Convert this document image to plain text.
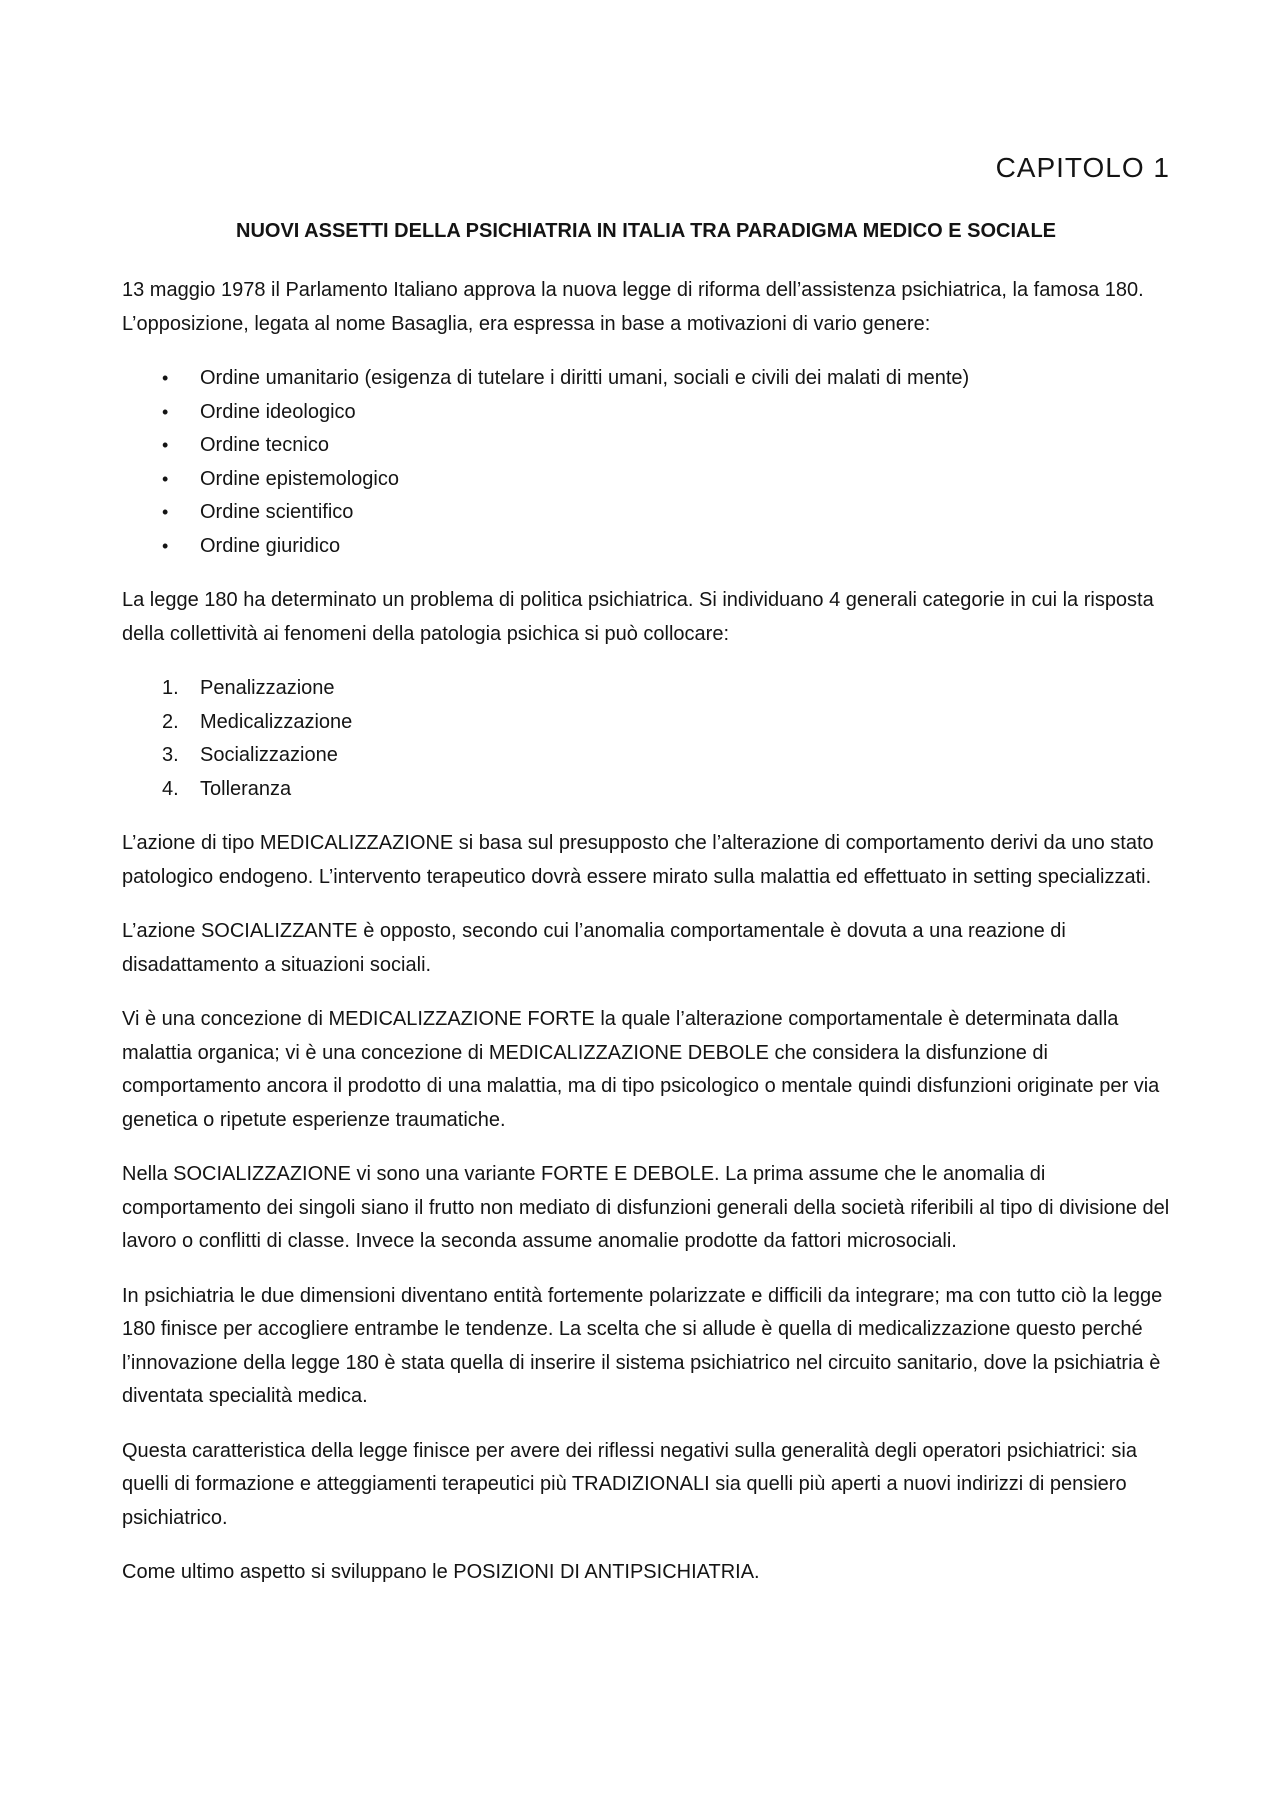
CAPITOLO 1
NUOVI ASSETTI DELLA PSICHIATRIA IN ITALIA TRA PARADIGMA MEDICO E SOCIALE

13 maggio 1978 il Parlamento Italiano approva la nuova legge di riforma dell’assistenza psichiatrica, la famosa 180. L’opposizione, legata al nome Basaglia, era espressa in base a motivazioni di vario genere:

• Ordine umanitario (esigenza di tutelare i diritti umani, sociali e civili dei malati di mente)
• Ordine ideologico
• Ordine tecnico
• Ordine epistemologico
• Ordine scientifico
• Ordine giuridico

La legge 180 ha determinato un problema di politica psichiatrica. Si individuano 4 generali categorie in cui la risposta della collettività ai fenomeni della patologia psichica si può collocare:

1. Penalizzazione
2. Medicalizzazione
3. Socializzazione
4. Tolleranza

L’azione di tipo MEDICALIZZAZIONE si basa sul presupposto che l’alterazione di comportamento derivi da uno stato patologico endogeno. L’intervento terapeutico dovrà essere mirato sulla malattia ed effettuato in setting specializzati.

L’azione SOCIALIZZANTE è opposto, secondo cui l’anomalia comportamentale è dovuta a una reazione di disadattamento a situazioni sociali.

Vi è una concezione di MEDICALIZZAZIONE FORTE la quale l’alterazione comportamentale è determinata dalla malattia organica; vi è una concezione di MEDICALIZZAZIONE DEBOLE che considera la disfunzione di comportamento ancora il prodotto di una malattia, ma di tipo psicologico o mentale quindi disfunzioni originate per via genetica o ripetute esperienze traumatiche.

Nella SOCIALIZZAZIONE vi sono una variante FORTE E DEBOLE. La prima assume che le anomalia di comportamento dei singoli siano il frutto non mediato di disfunzioni generali della società riferibili al tipo di divisione del lavoro o conflitti di classe. Invece la seconda assume anomalie prodotte da fattori microsociali.

In psichiatria le due dimensioni diventano entità fortemente polarizzate e difficili da integrare; ma con tutto ciò la legge 180 finisce per accogliere entrambe le tendenze. La scelta che si allude è quella di medicalizzazione questo perché l’innovazione della legge 180 è stata quella di inserire il sistema psichiatrico nel circuito sanitario, dove la psichiatria è diventata specialità medica.

Questa caratteristica della legge finisce per avere dei riflessi negativi sulla generalità degli operatori psichiatrici: sia quelli di formazione e atteggiamenti terapeutici più TRADIZIONALI sia quelli più aperti a nuovi indirizzi di pensiero psichiatrico.

Come ultimo aspetto si sviluppano le POSIZIONI DI ANTIPSICHIATRIA.
